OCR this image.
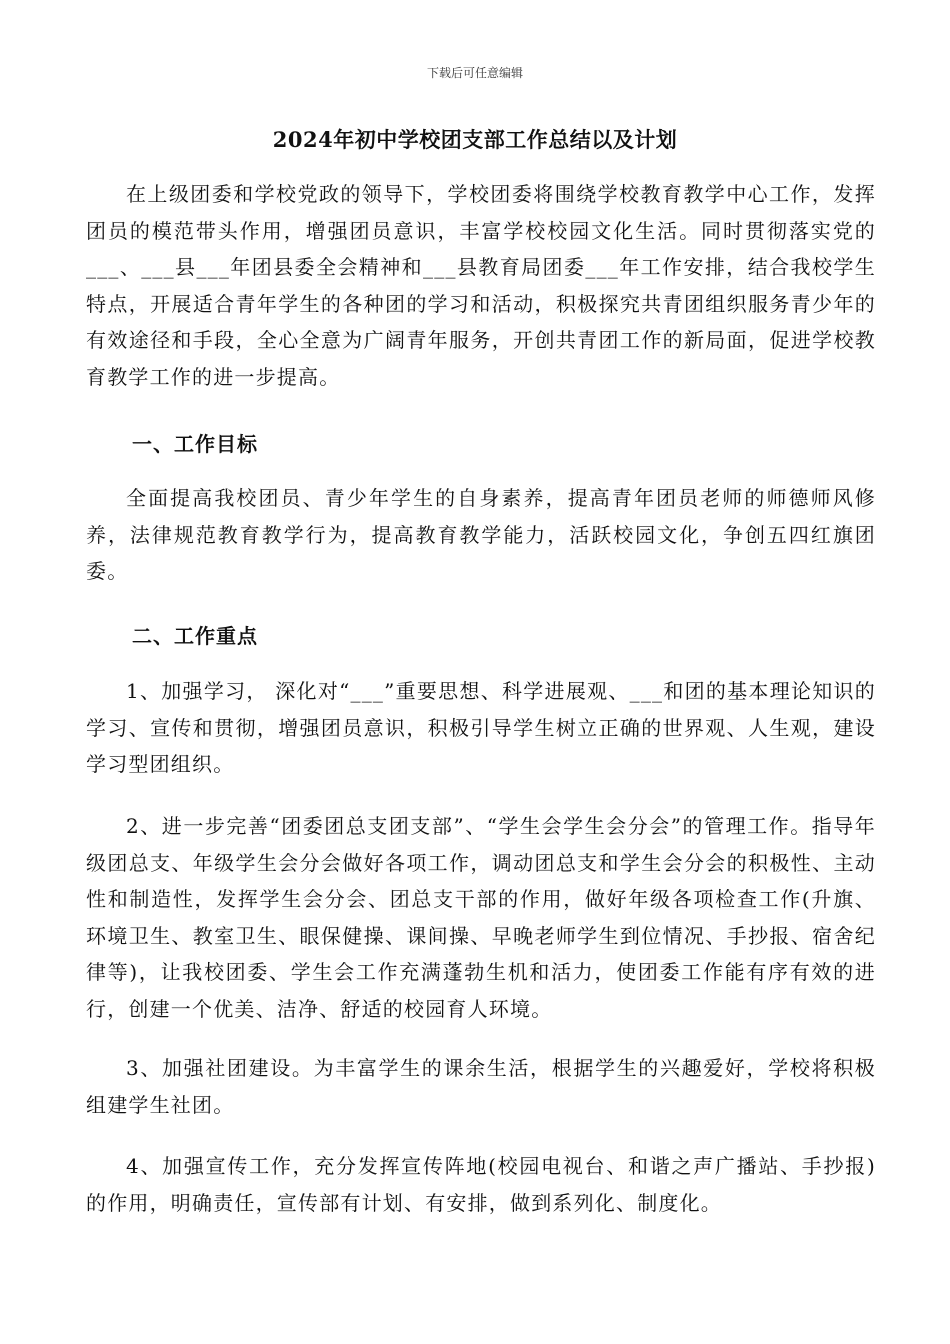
下载后可任意编辑
2024年初中学校团支部工作总结以及计划

在上级团委和学校党政的领导下，学校团委将围绕学校教育教学中心工作，发挥团员的模范带头作用，增强团员意识，丰富学校校园文化生活。同时贯彻落实党的___、___县___年团县委全会精神和___县教育局团委___年工作安排，结合我校学生特点，开展适合青年学生的各种团的学习和活动，积极探究共青团组织服务青少年的有效途径和手段，全心全意为广阔青年服务，开创共青团工作的新局面，促进学校教育教学工作的进一步提高。

一、工作目标

全面提高我校团员、青少年学生的自身素养，提高青年团员老师的师德师风修养，法律规范教育教学行为，提高教育教学能力，活跃校园文化，争创五四红旗团委。

二、工作重点

1、加强学习， 深化对“___”重要思想、科学进展观、___和团的基本理论知识的学习、宣传和贯彻，增强团员意识，积极引导学生树立正确的世界观、人生观，建设学习型团组织。

2、进一步完善“团委团总支团支部”、“学生会学生会分会”的管理工作。指导年级团总支、年级学生会分会做好各项工作，调动团总支和学生会分会的积极性、主动性和制造性，发挥学生会分会、团总支干部的作用，做好年级各项检查工作(升旗、环境卫生、教室卫生、眼保健操、课间操、早晚老师学生到位情况、手抄报、宿舍纪律等)，让我校团委、学生会工作充满蓬勃生机和活力，使团委工作能有序有效的进行，创建一个优美、洁净、舒适的校园育人环境。

3、加强社团建设。为丰富学生的课余生活，根据学生的兴趣爱好，学校将积极组建学生社团。

4、加强宣传工作，充分发挥宣传阵地(校园电视台、和谐之声广播站、手抄报)的作用，明确责任，宣传部有计划、有安排，做到系列化、制度化。
